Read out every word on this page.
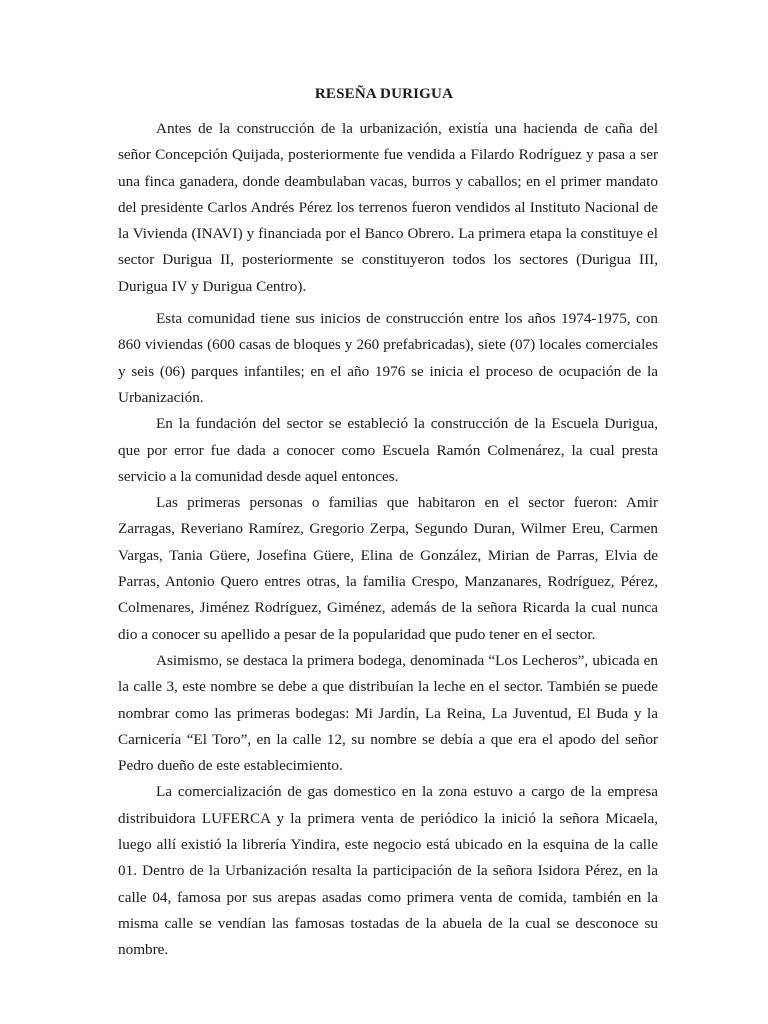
RESEÑA DURIGUA

Antes de la construcción de la urbanización, existía una hacienda de caña del señor Concepción Quijada, posteriormente fue vendida a Filardo Rodríguez y pasa a ser una finca ganadera, donde deambulaban vacas, burros y caballos; en el primer mandato del presidente Carlos Andrés Pérez los terrenos fueron vendidos al Instituto Nacional de la Vivienda (INAVI) y financiada por el Banco Obrero. La primera etapa la constituye el sector Durigua II, posteriormente se constituyeron todos los sectores (Durigua III, Durigua IV y Durigua Centro).

Esta comunidad tiene sus inicios de construcción entre los años 1974-1975, con 860 viviendas (600 casas de bloques y 260 prefabricadas), siete (07) locales comerciales y seis (06) parques infantiles; en el año 1976 se inicia el proceso de ocupación de la Urbanización.

En la fundación del sector se estableció la construcción de la Escuela Durigua, que por error fue dada a conocer como Escuela Ramón Colmenárez, la cual presta servicio a la comunidad desde aquel entonces.

Las primeras personas o familias que habitaron en el sector fueron: Amir Zarragas, Reveriano Ramírez, Gregorio Zerpa, Segundo Duran, Wilmer Ereu, Carmen Vargas, Tania Güere, Josefina Güere, Elina de González, Mirian de Parras, Elvia de Parras, Antonio Quero entres otras, la familia Crespo, Manzanares, Rodríguez, Pérez, Colmenares, Jiménez Rodríguez, Giménez, además de la señora Ricarda la cual nunca dio a conocer su apellido a pesar de la popularidad que pudo tener en el sector.

Asimismo, se destaca la primera bodega, denominada “Los Lecheros”, ubicada en la calle 3, este nombre se debe a que distribuían la leche en el sector. También se puede nombrar como las primeras bodegas: Mi Jardín, La Reina, La Juventud, El Buda y la Carnicería “El Toro”, en la calle 12, su nombre se debía a que era el apodo del señor Pedro dueño de este establecimiento.

La comercialización de gas domestico en la zona estuvo a cargo de la empresa distribuidora LUFERCA y la primera venta de periódico la inició la señora Micaela, luego allí existió la librería Yindira, este negocio está ubicado en la esquina de la calle 01. Dentro de la Urbanización resalta la participación de la señora Isidora Pérez, en la calle 04, famosa por sus arepas asadas como primera venta de comida, también en la misma calle se vendían las famosas tostadas de la abuela de la cual se desconoce su nombre.
